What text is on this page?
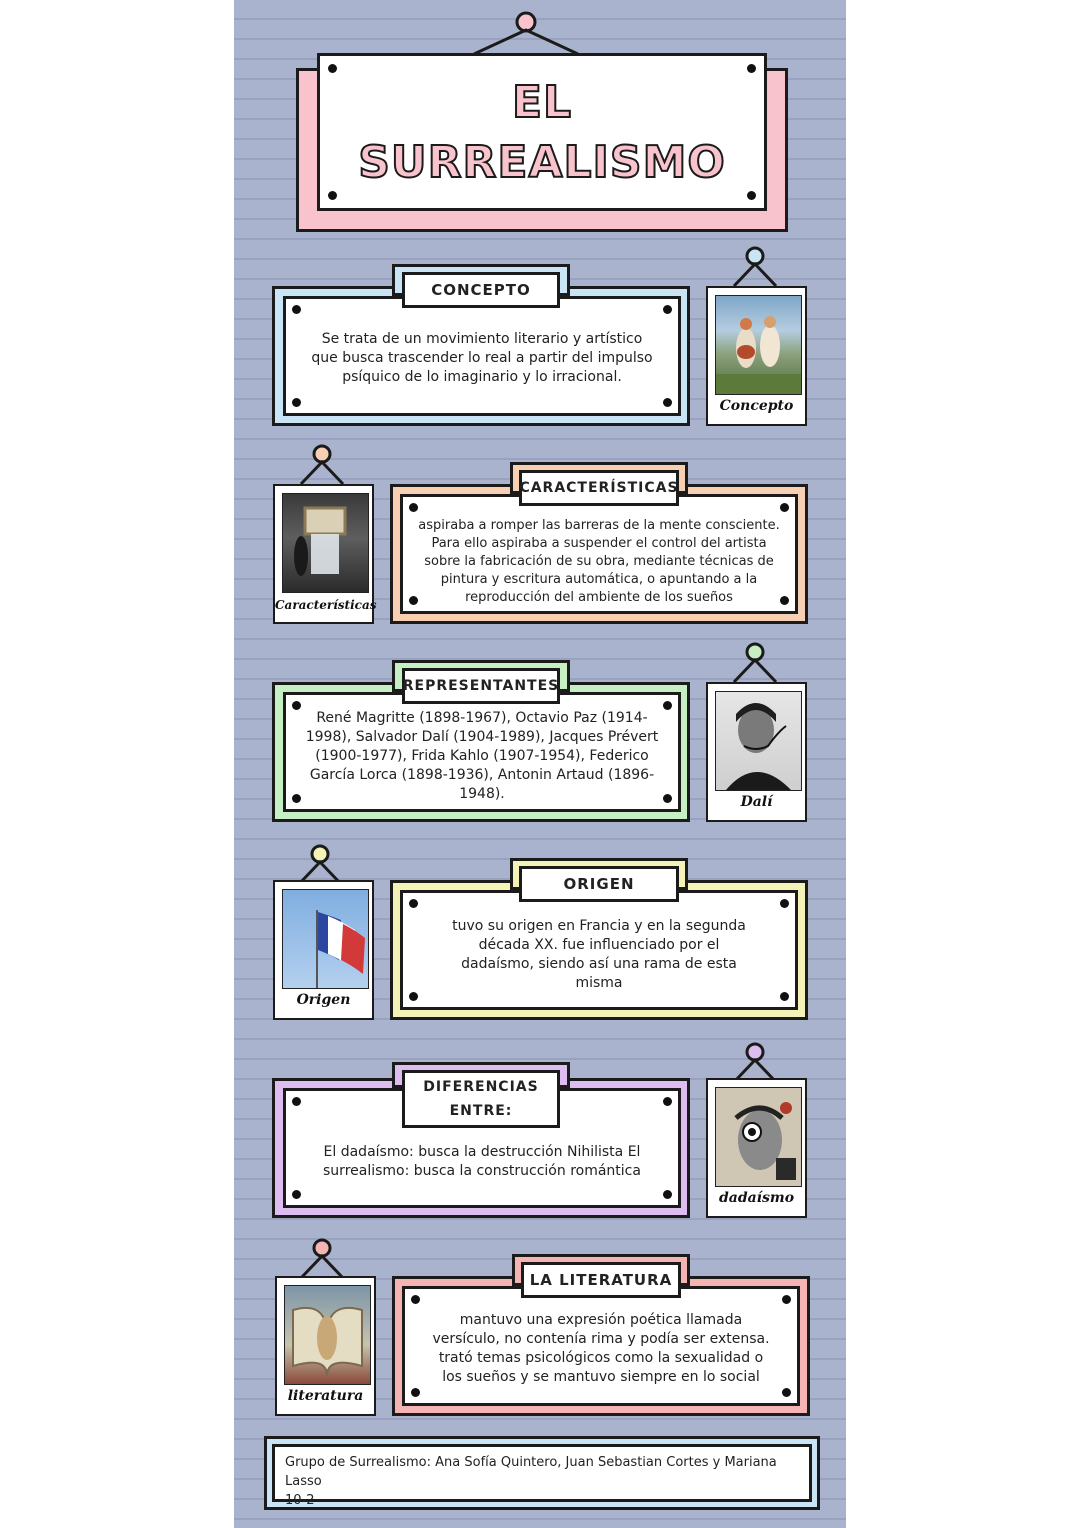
EL
SURREALISMO
Se trata de un movimiento literario y artístico que busca trascender lo real a partir del impulso psíquico de lo imaginario y lo irracional.
CONCEPTO
Concepto
Características
aspiraba a romper las barreras de la mente consciente. Para ello aspiraba a suspender el control del artista sobre la fabricación de su obra, mediante técnicas de pintura y escritura automática, o apuntando a la reproducción del ambiente de los sueños
CARACTERÍSTICAS
René Magritte (1898-1967), Octavio Paz (1914-1998), Salvador Dalí (1904-1989), Jacques Prévert (1900-1977), Frida Kahlo (1907-1954), Federico García Lorca (1898-1936), Antonin Artaud (1896-1948).
REPRESENTANTES
Dalí
Origen
tuvo su origen en Francia y en la segunda década XX. fue influenciado por el dadaísmo, siendo así una rama de esta misma
ORIGEN
El dadaísmo: busca la destrucción Nihilista El surrealismo: busca la construcción romántica
DIFERENCIAS ENTRE:
dadaísmo
literatura
mantuvo una expresión poética llamada versículo, no contenía rima y podía ser extensa. trató temas psicológicos como la sexualidad o los sueños y se mantuvo siempre en lo social
LA LITERATURA
Grupo de Surrealismo: Ana Sofía Quintero, Juan Sebastian Cortes y Mariana Lasso
10-2
